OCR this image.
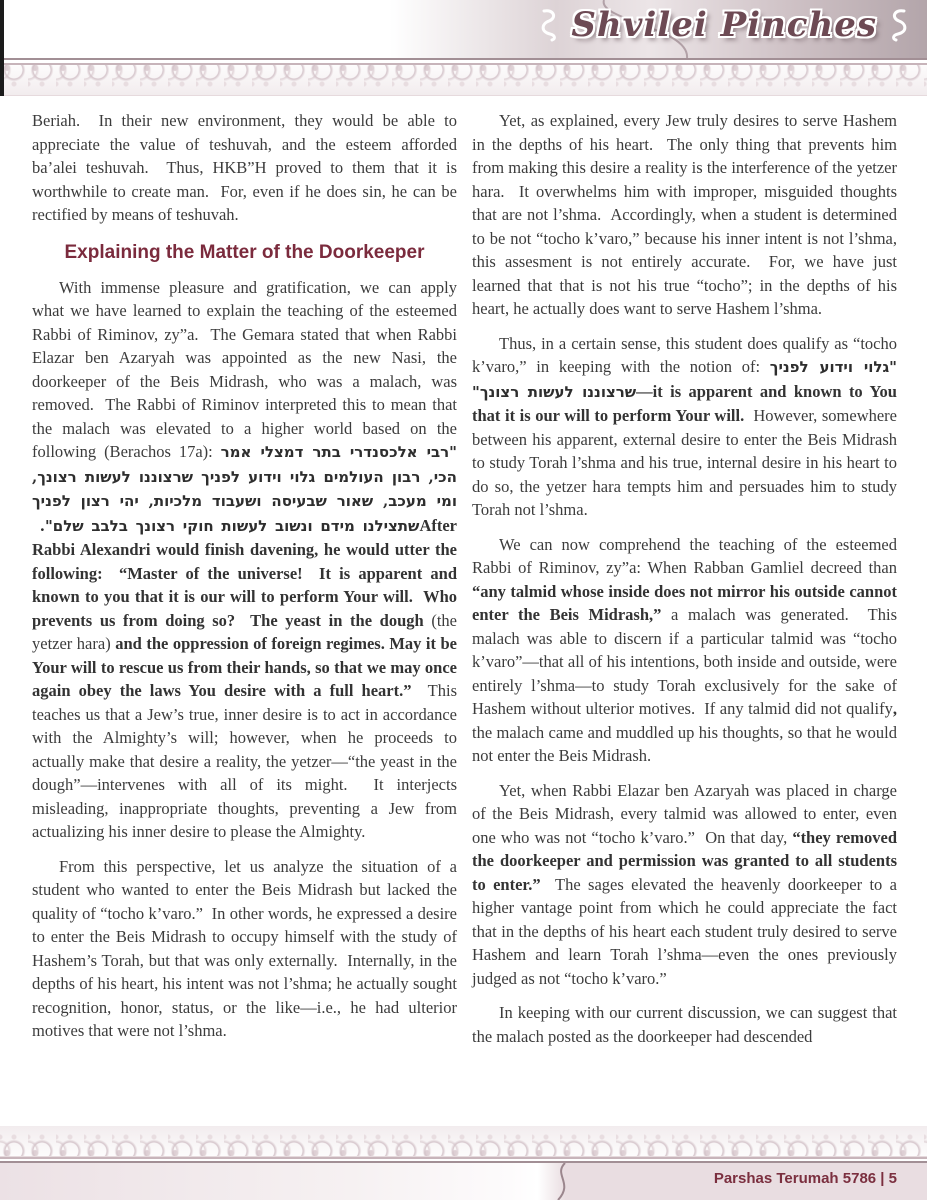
Shvilei Pinches

Beriah.  In their new environment, they would be able to appreciate the value of teshuvah, and the esteem afforded ba’alei teshuvah.  Thus, HKB”H proved to them that it is worthwhile to create man.  For, even if he does sin, he can be rectified by means of teshuvah.

Explaining the Matter of the Doorkeeper

With immense pleasure and gratification, we can apply what we have learned to explain the teaching of the esteemed Rabbi of Riminov, zy”a.  The Gemara stated that when Rabbi Elazar ben Azaryah was appointed as the new Nasi, the doorkeeper of the Beis Midrash, who was a malach, was removed.  The Rabbi of Riminov interpreted this to mean that the malach was elevated to a higher world based on the following (Berachos 17a): "רבי אלכסנדרי בתר דמצלי אמר הכי, רבון העולמים גלוי וידוע לפניך שרצוננו לעשות רצונך, ומי מעכב, שאור שבעיסה ושעבוד מלכיות, יהי רצון לפניך שתצילנו מידם ונשוב לעשות חוקי רצונך בלבב שלם". After Rabbi Alexandri would finish davening, he would utter the following:  “Master of the universe!  It is apparent and known to you that it is our will to perform Your will.  Who prevents us from doing so?  The yeast in the dough (the yetzer hara) and the oppression of foreign regimes. May it be Your will to rescue us from their hands, so that we may once again obey the laws You desire with a full heart.”  This teaches us that a Jew’s true, inner desire is to act in accordance with the Almighty’s will; however, when he proceeds to actually make that desire a reality, the yetzer—“the yeast in the dough”—intervenes with all of its might.  It interjects misleading, inappropriate thoughts, preventing a Jew from actualizing his inner desire to please the Almighty.

From this perspective, let us analyze the situation of a student who wanted to enter the Beis Midrash but lacked the quality of “tocho k’varo.”  In other words, he expressed a desire to enter the Beis Midrash to occupy himself with the study of Hashem’s Torah, but that was only externally.  Internally, in the depths of his heart, his intent was not l’shma; he actually sought recognition, honor, status, or the like—i.e., he had ulterior motives that were not l’shma.

Yet, as explained, every Jew truly desires to serve Hashem in the depths of his heart.  The only thing that prevents him from making this desire a reality is the interference of the yetzer hara.  It overwhelms him with improper, misguided thoughts that are not l’shma.  Accordingly, when a student is determined to be not “tocho k’varo,” because his inner intent is not l’shma, this assesment is not entirely accurate.  For, we have just learned that that is not his true “tocho”; in the depths of his heart, he actually does want to serve Hashem l’shma.

Thus, in a certain sense, this student does qualify as “tocho k’varo,” in keeping with the notion of: "גלוי וידוע לפניך שרצוננו לעשות רצונך"—it is apparent and known to You that it is our will to perform Your will.  However, somewhere between his apparent, external desire to enter the Beis Midrash to study Torah l’shma and his true, internal desire in his heart to do so, the yetzer hara tempts him and persuades him to study Torah not l’shma.

We can now comprehend the teaching of the esteemed Rabbi of Riminov, zy”a: When Rabban Gamliel decreed than “any talmid whose inside does not mirror his outside cannot enter the Beis Midrash,” a malach was generated.  This malach was able to discern if a particular talmid was “tocho k’varo”—that all of his intentions, both inside and outside, were entirely l’shma—to study Torah exclusively for the sake of Hashem without ulterior motives.  If any talmid did not qualify, the malach came and muddled up his thoughts, so that he would not enter the Beis Midrash.

Yet, when Rabbi Elazar ben Azaryah was placed in charge of the Beis Midrash, every talmid was allowed to enter, even one who was not “tocho k’varo.”  On that day, “they removed the doorkeeper and permission was granted to all students to enter.”  The sages elevated the heavenly doorkeeper to a higher vantage point from which he could appreciate the fact that in the depths of his heart each student truly desired to serve Hashem and learn Torah l’shma—even the ones previously judged as not “tocho k’varo.”

In keeping with our current discussion, we can suggest that the malach posted as the doorkeeper had descended

Parshas Terumah 5786 | 5
